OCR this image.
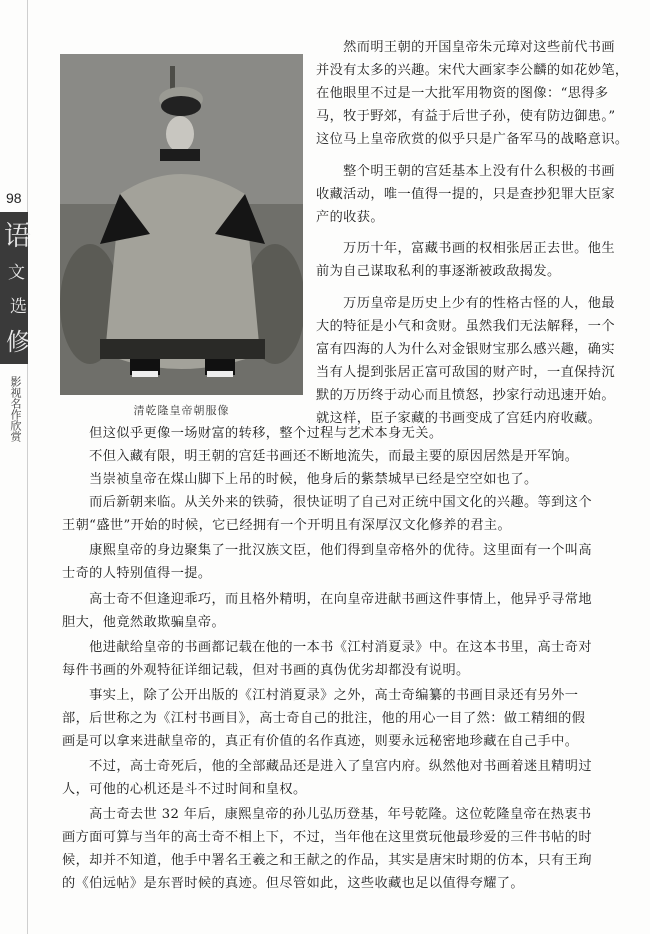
98
语
文
选
修
影视名作欣赏	清乾隆皇帝朝服像
　　然而明王朝的开国皇帝朱元璋对这些前代书画
并没有太多的兴趣。宋代大画家李公麟的如花妙笔，
在他眼里不过是一大批军用物资的图像：“思得多
马，牧于野郊，有益于后世子孙，使有防边御患。”
这位马上皇帝欣赏的似乎只是广备军马的战略意识。
　　整个明王朝的宫廷基本上没有什么积极的书画
收藏活动，唯一值得一提的，只是查抄犯罪大臣家
产的收获。
　　万历十年，富藏书画的权相张居正去世。他生
前为自己谋取私利的事逐渐被政敌揭发。
　　万历皇帝是历史上少有的性格古怪的人，他最
大的特征是小气和贪财。虽然我们无法解释，一个
富有四海的人为什么对金银财宝那么感兴趣，确实
当有人提到张居正富可敌国的财产时，一直保持沉
默的万历终于动心而且愤怒，抄家行动迅速开始。
就这样，臣子家藏的书画变成了宫廷内府收藏。
　　但这似乎更像一场财富的转移，整个过程与艺术本身无关。
　　不但入藏有限，明王朝的宫廷书画还不断地流失，而最主要的原因居然是开军饷。
　　当崇祯皇帝在煤山脚下上吊的时候，他身后的紫禁城早已经是空空如也了。
　　而后新朝来临。从关外来的铁骑，很快证明了自己对正统中国文化的兴趣。等到这个
王朝“盛世”开始的时候，它已经拥有一个开明且有深厚汉文化修养的君主。
　　康熙皇帝的身边聚集了一批汉族文臣，他们得到皇帝格外的优待。这里面有一个叫高
士奇的人特别值得一提。
　　高士奇不但逢迎乖巧，而且格外精明，在向皇帝进献书画这件事情上，他异乎寻常地
胆大，他竟然敢欺骗皇帝。
　　他进献给皇帝的书画都记载在他的一本书《江村消夏录》中。在这本书里，高士奇对
每件书画的外观特征详细记载，但对书画的真伪优劣却都没有说明。
　　事实上，除了公开出版的《江村消夏录》之外，高士奇编纂的书画目录还有另外一
部，后世称之为《江村书画目》，高士奇自己的批注，他的用心一目了然：做工精细的假
画是可以拿来进献皇帝的，真正有价值的名作真迹，则要永远秘密地珍藏在自己手中。
　　不过，高士奇死后，他的全部藏品还是进入了皇宫内府。纵然他对书画着迷且精明过
人，可他的心机还是斗不过时间和皇权。
　　高士奇去世 32 年后，康熙皇帝的孙儿弘历登基，年号乾隆。这位乾隆皇帝在热衷书
画方面可算与当年的高士奇不相上下，不过，当年他在这里赏玩他最珍爱的三件书帖的时
候，却并不知道，他手中署名王羲之和王献之的作品，其实是唐宋时期的仿本，只有王珣
的《伯远帖》是东晋时候的真迹。但尽管如此，这些收藏也足以值得夸耀了。
